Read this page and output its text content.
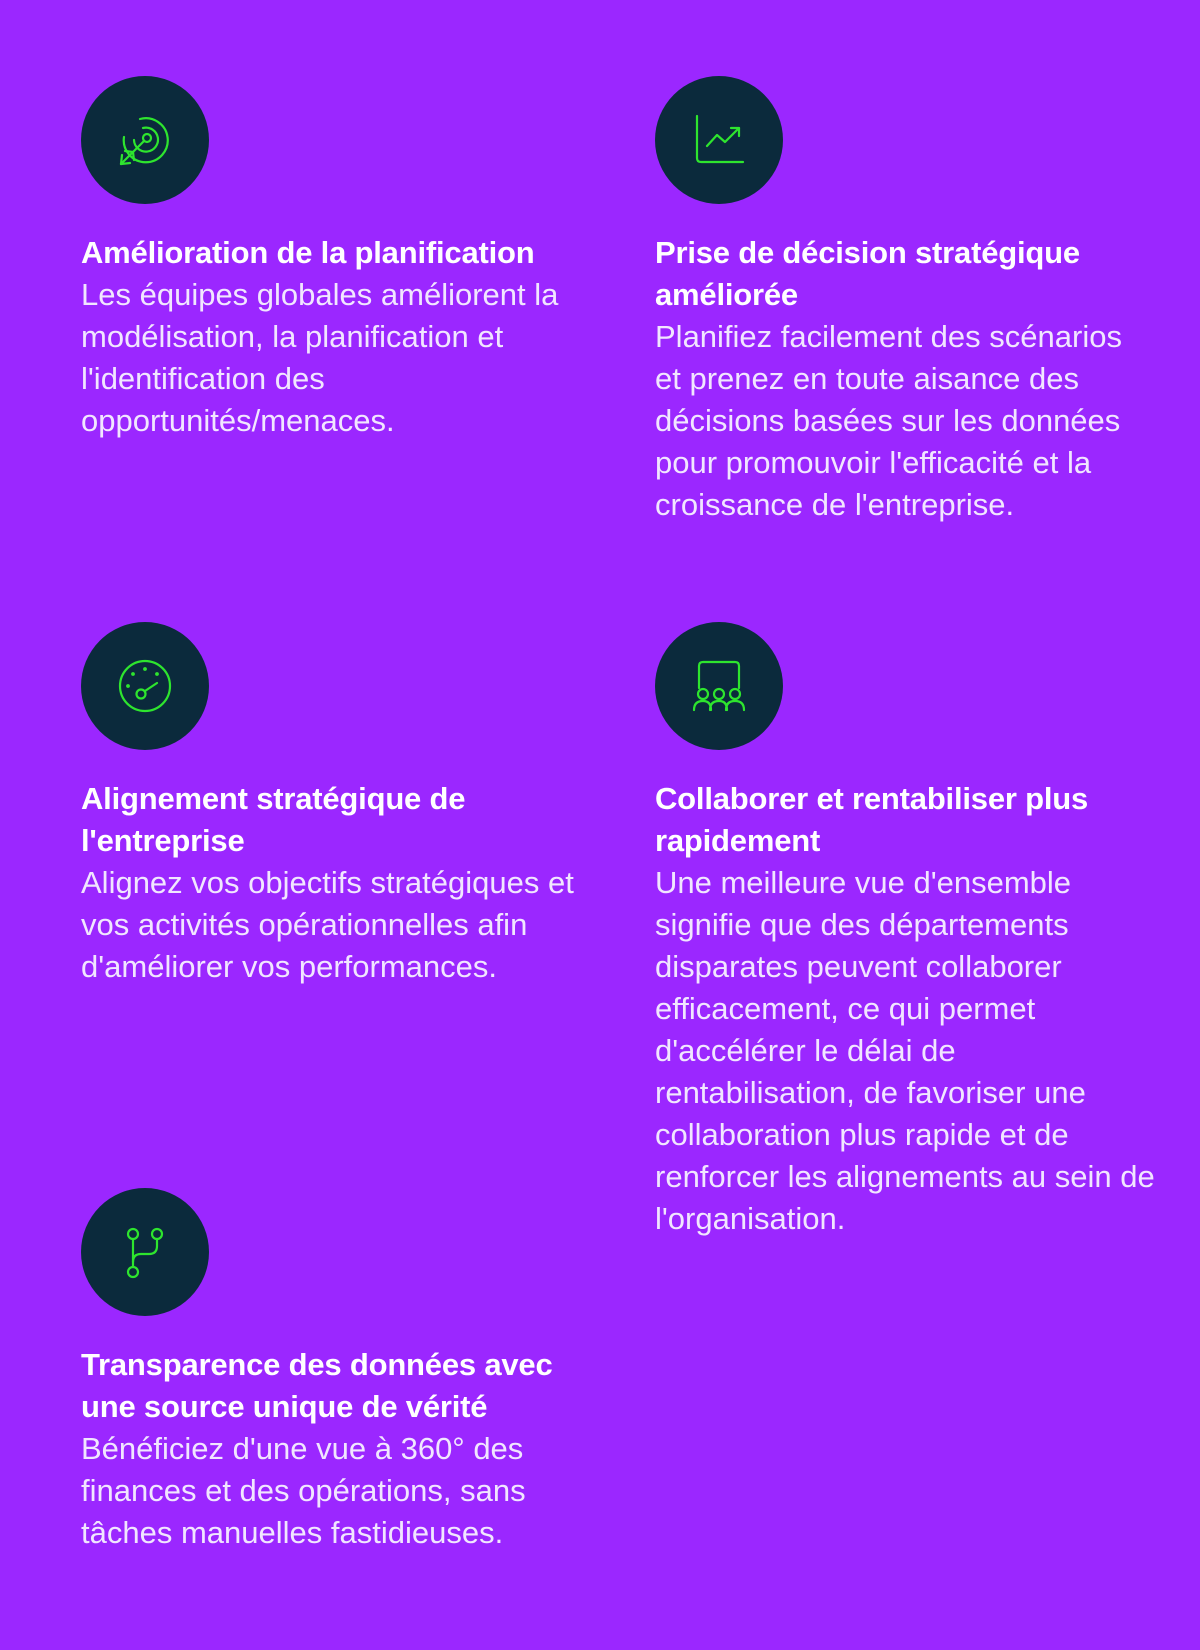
Amélioration de la planification

Les équipes globales améliorent la modélisation, la planification et l'identification des opportunités/menaces.

Prise de décision stratégique améliorée

Planifiez facilement des scénarios et prenez en toute aisance des décisions basées sur les données pour promouvoir l'efficacité et la croissance de l'entreprise.

Alignement stratégique de l'entreprise

Alignez vos objectifs stratégiques et vos activités opérationnelles afin d'améliorer vos performances.

Collaborer et rentabiliser plus rapidement

Une meilleure vue d'ensemble signifie que des départements disparates peuvent collaborer efficacement, ce qui permet d'accélérer le délai de rentabilisation, de favoriser une collaboration plus rapide et de renforcer les alignements au sein de l'organisation.

Transparence des données avec une source unique de vérité

Bénéficiez d'une vue à 360° des finances et des opérations, sans tâches manuelles fastidieuses.
